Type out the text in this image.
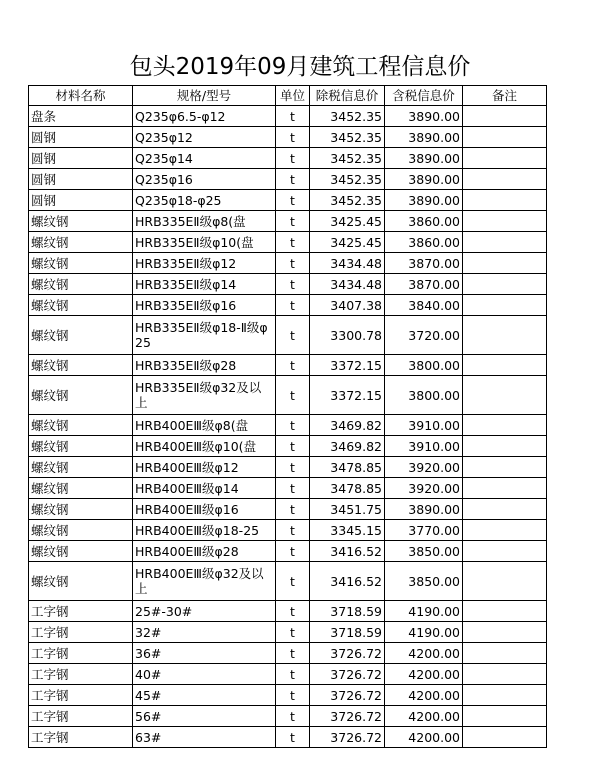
包头2019年09月建筑工程信息价
材料名称	规格/型号	单位	除税信息价	含税信息价	备注
盘条	Q235φ6.5-φ12	t	3452.35	3890.00	
圆钢	Q235φ12	t	3452.35	3890.00	
圆钢	Q235φ14	t	3452.35	3890.00	
圆钢	Q235φ16	t	3452.35	3890.00	
圆钢	Q235φ18-φ25	t	3452.35	3890.00	
螺纹钢	HRB335EⅡ级φ8(盘	t	3425.45	3860.00	
螺纹钢	HRB335EⅡ级φ10(盘	t	3425.45	3860.00	
螺纹钢	HRB335EⅡ级φ12	t	3434.48	3870.00	
螺纹钢	HRB335EⅡ级φ14	t	3434.48	3870.00	
螺纹钢	HRB335EⅡ级φ16	t	3407.38	3840.00	
螺纹钢	HRB335EⅡ级φ18-Ⅱ级φ25	t	3300.78	3720.00	
螺纹钢	HRB335EⅡ级φ28	t	3372.15	3800.00	
螺纹钢	HRB335EⅡ级φ32及以上	t	3372.15	3800.00	
螺纹钢	HRB400EⅢ级φ8(盘	t	3469.82	3910.00	
螺纹钢	HRB400EⅢ级φ10(盘	t	3469.82	3910.00	
螺纹钢	HRB400EⅢ级φ12	t	3478.85	3920.00	
螺纹钢	HRB400EⅢ级φ14	t	3478.85	3920.00	
螺纹钢	HRB400EⅢ级φ16	t	3451.75	3890.00	
螺纹钢	HRB400EⅢ级φ18-25	t	3345.15	3770.00	
螺纹钢	HRB400EⅢ级φ28	t	3416.52	3850.00	
螺纹钢	HRB400EⅢ级φ32及以上	t	3416.52	3850.00	
工字钢	25#-30#	t	3718.59	4190.00	
工字钢	32#	t	3718.59	4190.00	
工字钢	36#	t	3726.72	4200.00	
工字钢	40#	t	3726.72	4200.00	
工字钢	45#	t	3726.72	4200.00	
工字钢	56#	t	3726.72	4200.00	
工字钢	63#	t	3726.72	4200.00	
